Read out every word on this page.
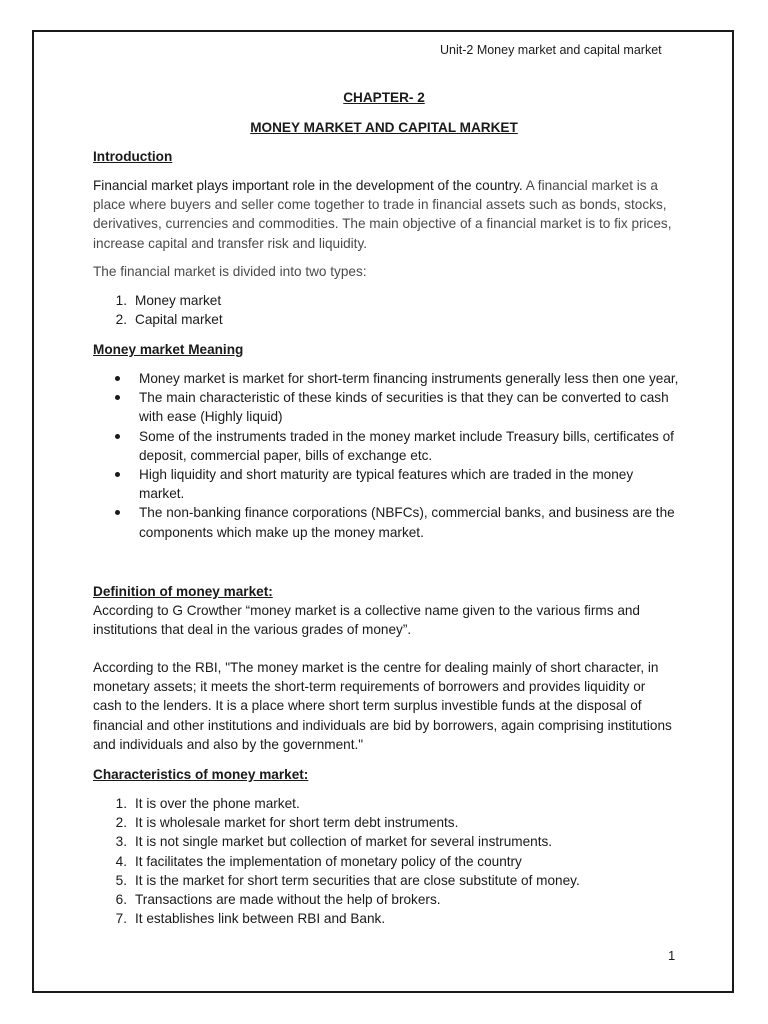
Unit-2 Money market and capital market
CHAPTER- 2
MONEY MARKET AND CAPITAL MARKET
Introduction
Financial market plays important role in the development of the country. A financial market is a place where buyers and seller come together to trade in financial assets such as bonds, stocks, derivatives, currencies and commodities. The main objective of a financial market is to fix prices, increase capital and transfer risk and liquidity.
The financial market is divided into two types:
1. Money market
2. Capital market
Money market Meaning
Money market is market for short-term financing instruments generally less then one year,
The main characteristic of these kinds of securities is that they can be converted to cash with ease (Highly liquid)
Some of the instruments traded in the money market include Treasury bills, certificates of deposit, commercial paper, bills of exchange etc.
High liquidity and short maturity are typical features which are traded in the money market.
The non-banking finance corporations (NBFCs), commercial banks, and business are the components which make up the money market.
Definition of money market:
According to G Crowther “money market is a collective name given to the various firms and institutions that deal in the various grades of money”.
According to the RBI, "The money market is the centre for dealing mainly of short character, in monetary assets; it meets the short-term requirements of borrowers and provides liquidity or cash to the lenders. It is a place where short term surplus investible funds at the disposal of financial and other institutions and individuals are bid by borrowers, again comprising institutions and individuals and also by the government."
Characteristics of money market:
1. It is over the phone market.
2. It is wholesale market for short term debt instruments.
3. It is not single market but collection of market for several instruments.
4. It facilitates the implementation of monetary policy of the country
5. It is the market for short term securities that are close substitute of money.
6. Transactions are made without the help of brokers.
7. It establishes link between RBI and Bank.
1
